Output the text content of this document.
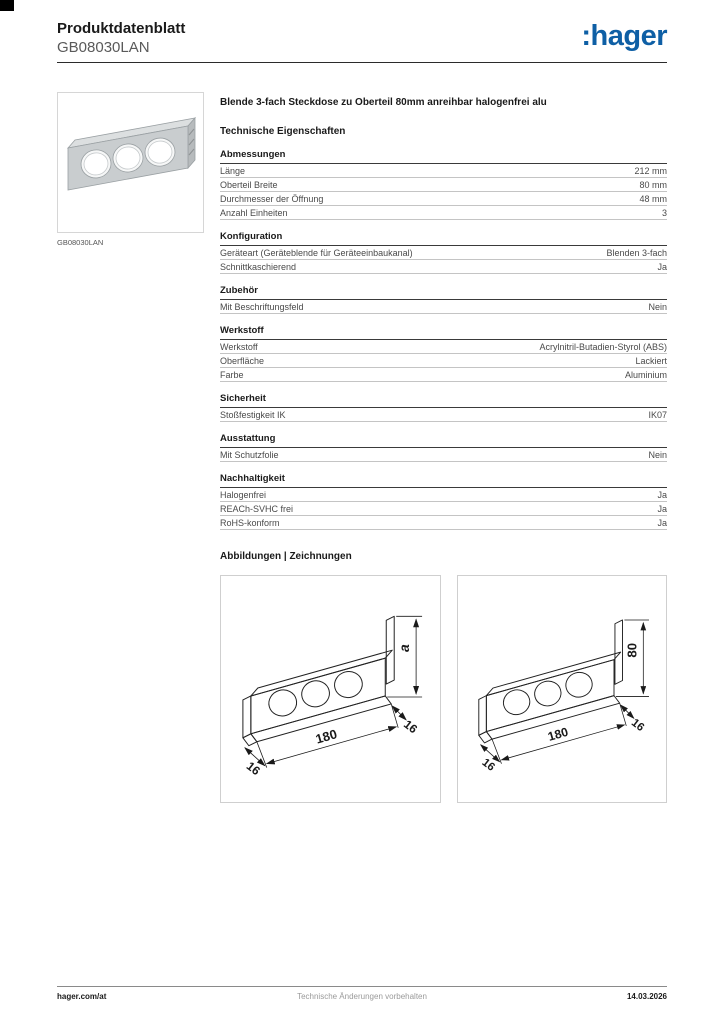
Produktdatenblatt
GB08030LAN	:hager
GB08030LAN
Blende 3-fach Steckdose zu Oberteil 80mm anreihbar halogenfrei alu
Technische Eigenschaften
Abmessungen
Länge	212 mm
Oberteil Breite	80 mm
Durchmesser der Öffnung	48 mm
Anzahl Einheiten	3
Konfiguration
Geräteart (Geräteblende für Geräteeinbaukanal)	Blenden 3-fach
Schnittkaschierend	Ja
Zubehör
Mit Beschriftungsfeld	Nein
Werkstoff
Werkstoff	Acrylnitril-Butadien-Styrol (ABS)
Oberfläche	Lackiert
Farbe	Aluminium
Sicherheit
Stoßfestigkeit IK	IK07
Ausstattung
Mit Schutzfolie	Nein
Nachhaltigkeit
Halogenfrei	Ja
REACh-SVHC frei	Ja
RoHS-konform	Ja
Abbildungen | Zeichnungen
180
16
16
a
180
16
16
80
hager.com/at	Technische Änderungen vorbehalten	14.03.2026
